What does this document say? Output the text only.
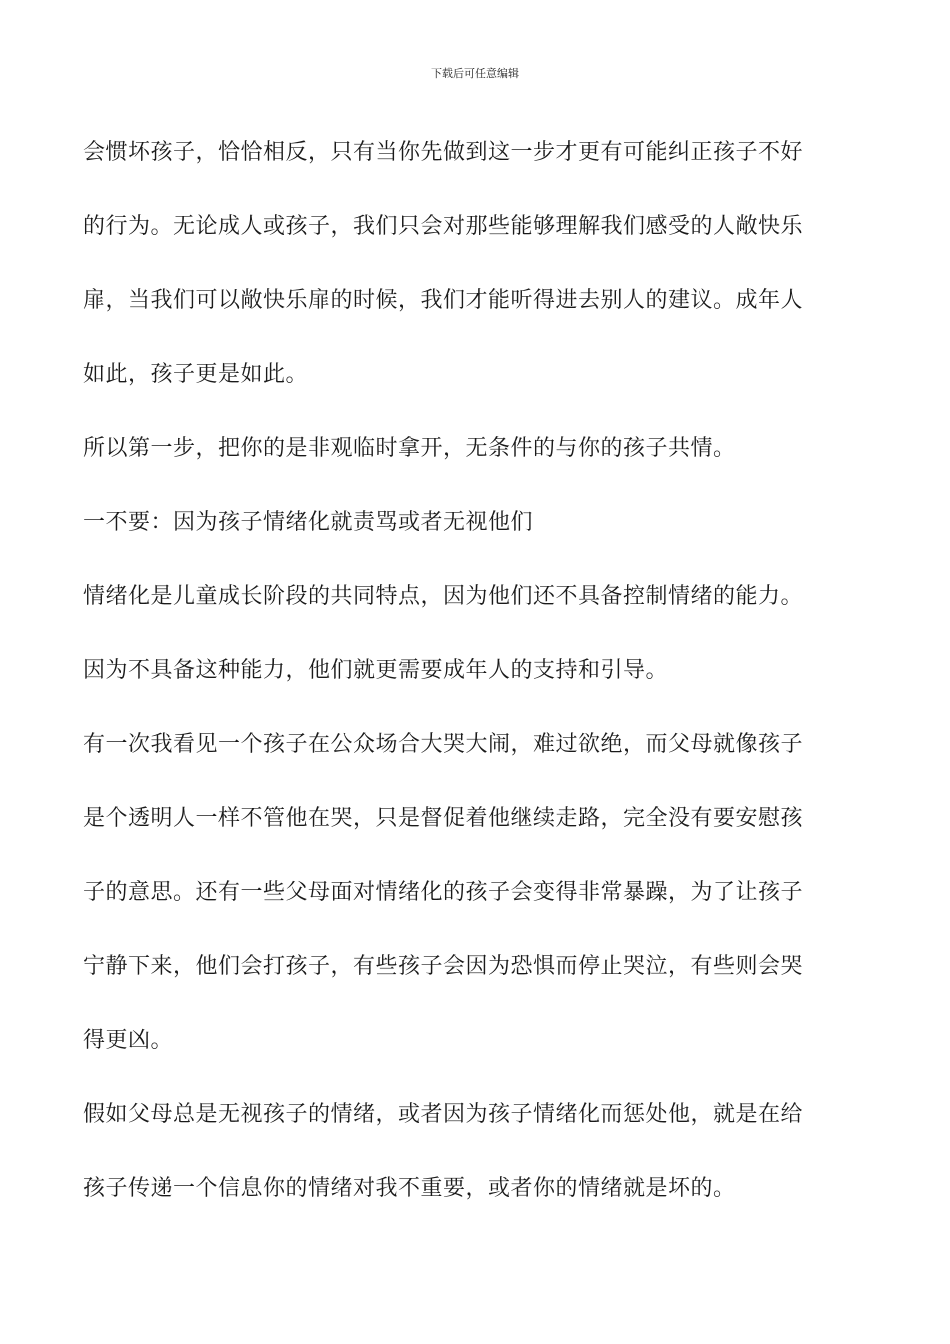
下载后可任意编辑

会惯坏孩子，恰恰相反，只有当你先做到这一步才更有可能纠正孩子不好
的行为。无论成人或孩子，我们只会对那些能够理解我们感受的人敞快乐
扉，当我们可以敞快乐扉的时候，我们才能听得进去别人的建议。成年人
如此，孩子更是如此。

所以第一步，把你的是非观临时拿开，无条件的与你的孩子共情。

一不要：因为孩子情绪化就责骂或者无视他们

情绪化是儿童成长阶段的共同特点，因为他们还不具备控制情绪的能力。
因为不具备这种能力，他们就更需要成年人的支持和引导。

有一次我看见一个孩子在公众场合大哭大闹，难过欲绝，而父母就像孩子
是个透明人一样不管他在哭，只是督促着他继续走路，完全没有要安慰孩
子的意思。还有一些父母面对情绪化的孩子会变得非常暴躁，为了让孩子
宁静下来，他们会打孩子，有些孩子会因为恐惧而停止哭泣，有些则会哭
得更凶。

假如父母总是无视孩子的情绪，或者因为孩子情绪化而惩处他，就是在给
孩子传递一个信息你的情绪对我不重要，或者你的情绪就是坏的。
